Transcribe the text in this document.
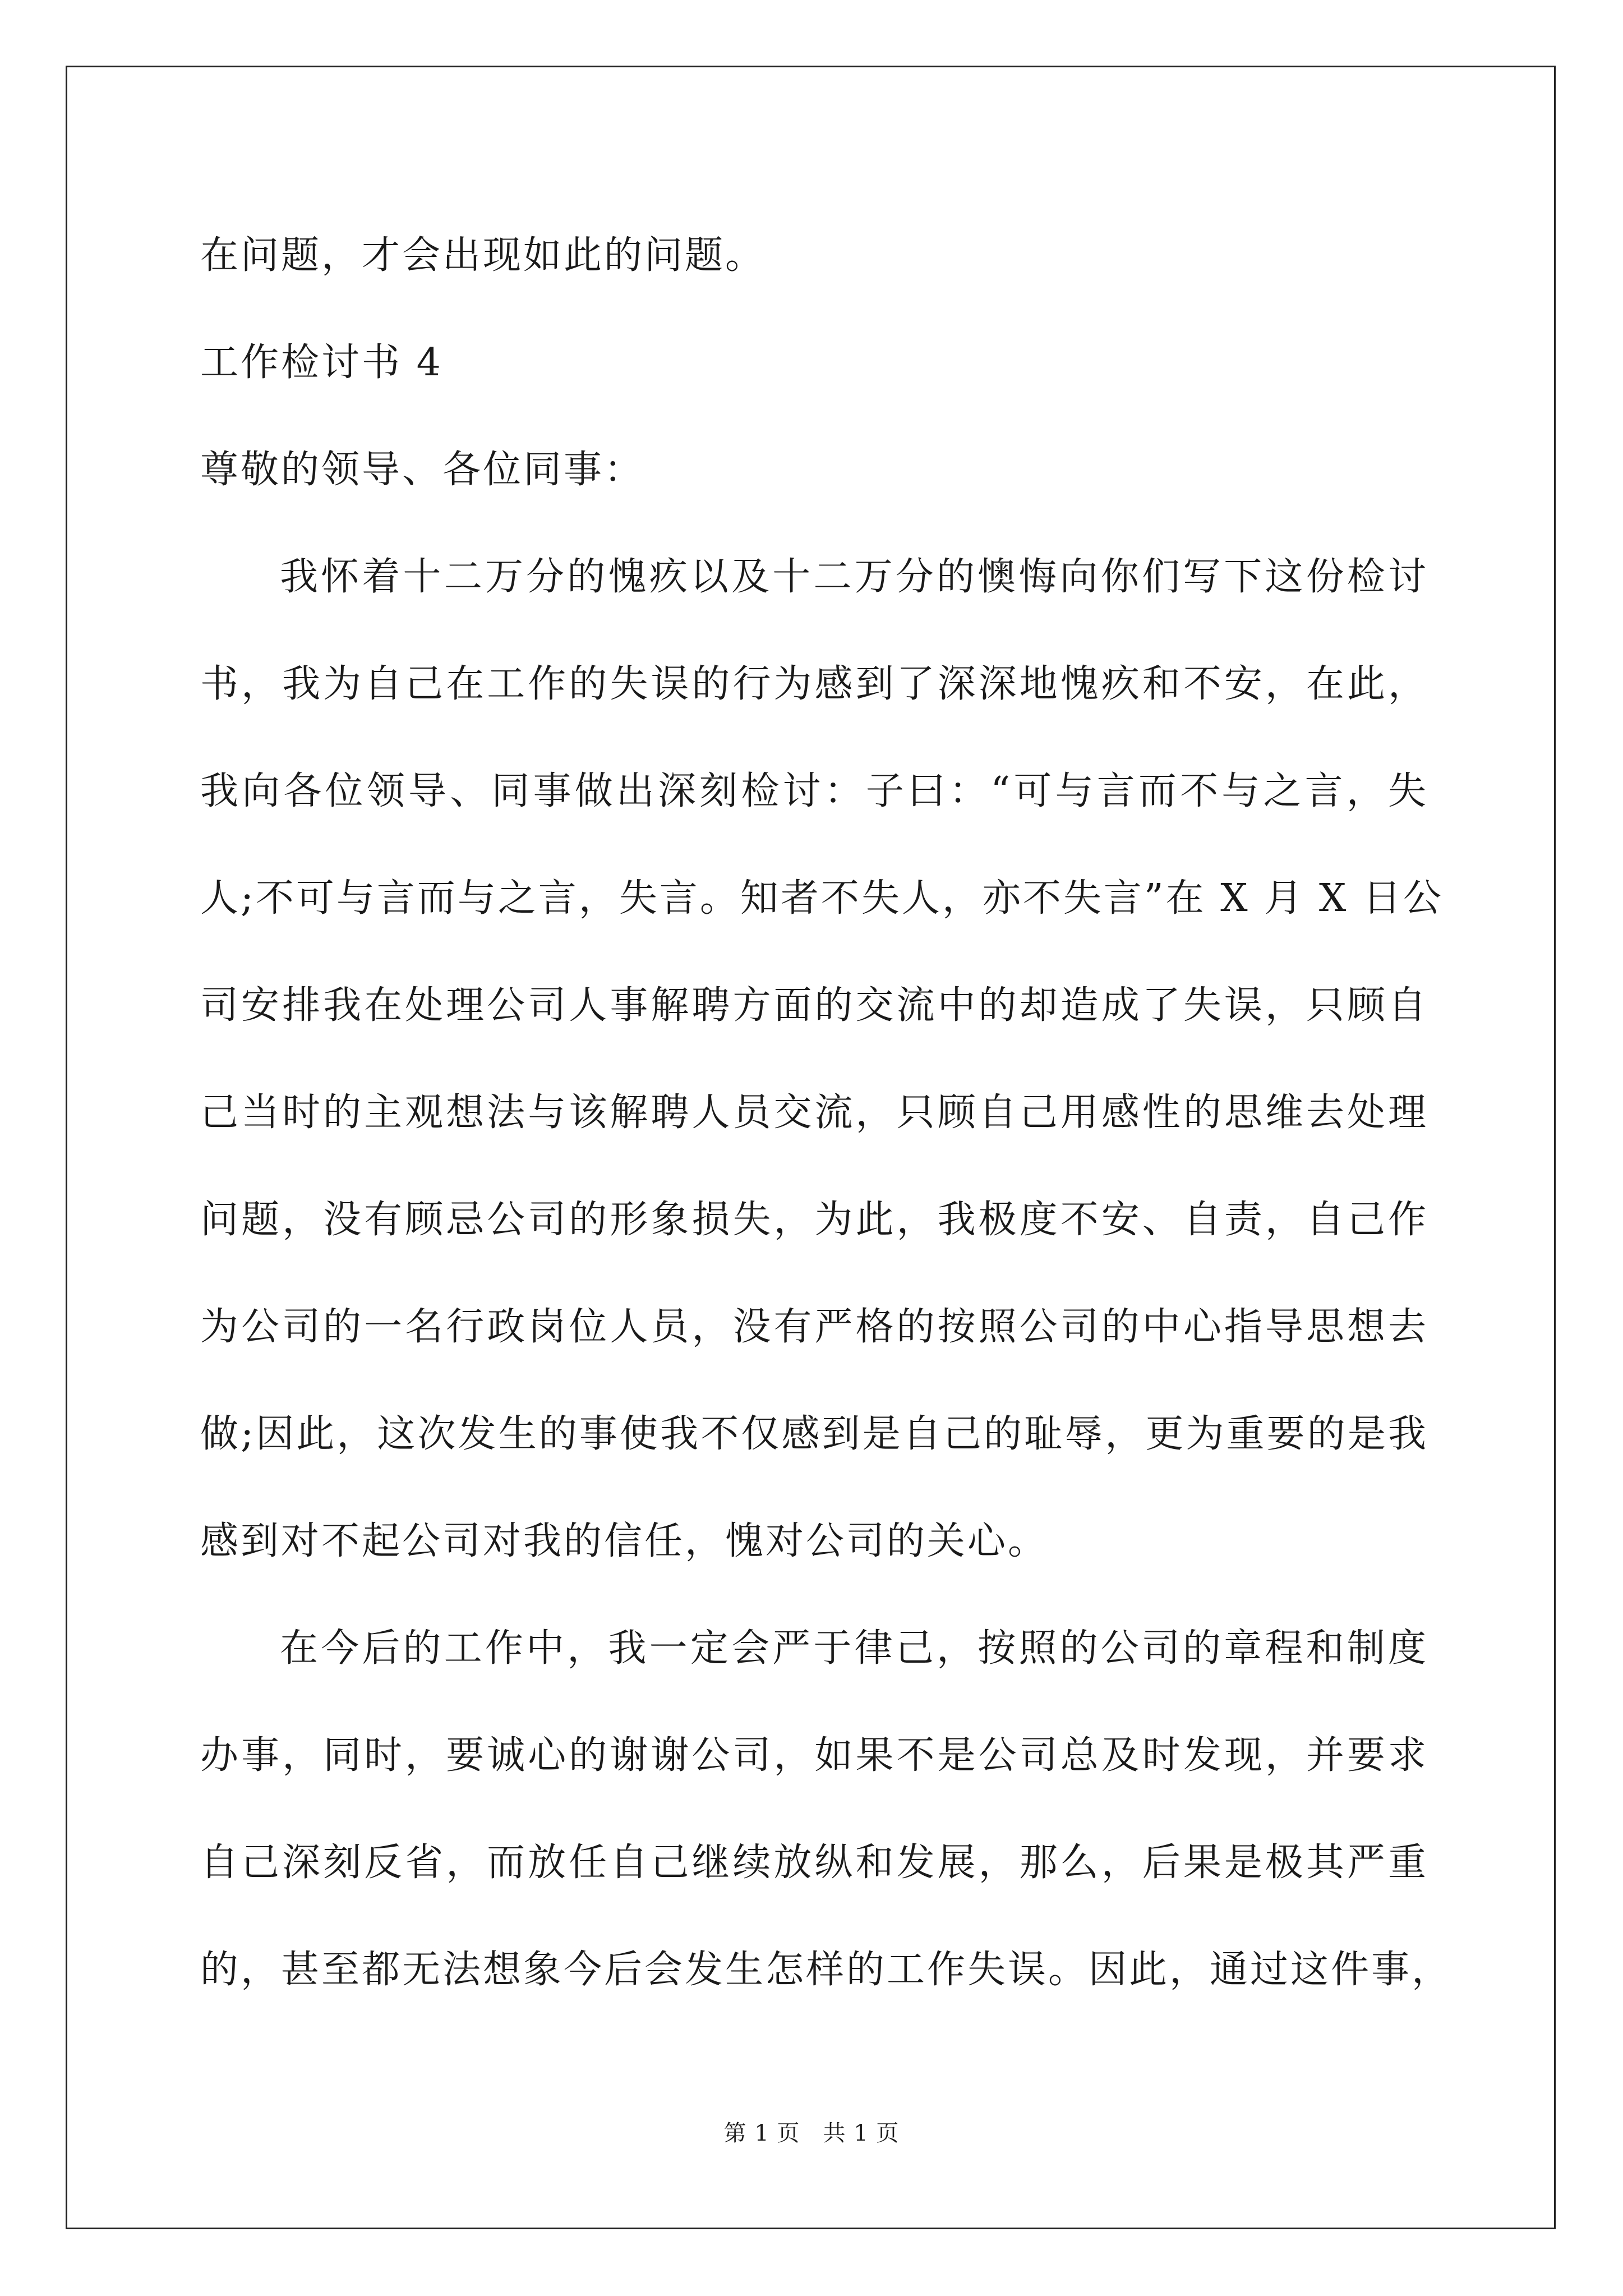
在问题，才会出现如此的问题。
工作检讨书 4
尊敬的领导、各位同事：
我怀着十二万分的愧疚以及十二万分的懊悔向你们写下这份检讨
书，我为自己在工作的失误的行为感到了深深地愧疚和不安，在此，
我向各位领导、同事做出深刻检讨：子曰：“可与言而不与之言，失
人;不可与言而与之言，失言。知者不失人，亦不失言”在 X 月 X 日公
司安排我在处理公司人事解聘方面的交流中的却造成了失误，只顾自
己当时的主观想法与该解聘人员交流，只顾自己用感性的思维去处理
问题，没有顾忌公司的形象损失，为此，我极度不安、自责，自己作
为公司的一名行政岗位人员，没有严格的按照公司的中心指导思想去
做;因此，这次发生的事使我不仅感到是自己的耻辱，更为重要的是我
感到对不起公司对我的信任，愧对公司的关心。
在今后的工作中，我一定会严于律己，按照的公司的章程和制度
办事，同时，要诚心的谢谢公司，如果不是公司总及时发现，并要求
自己深刻反省，而放任自己继续放纵和发展，那么，后果是极其严重
的，甚至都无法想象今后会发生怎样的工作失误。因此，通过这件事，
第 1 页　共 1 页
